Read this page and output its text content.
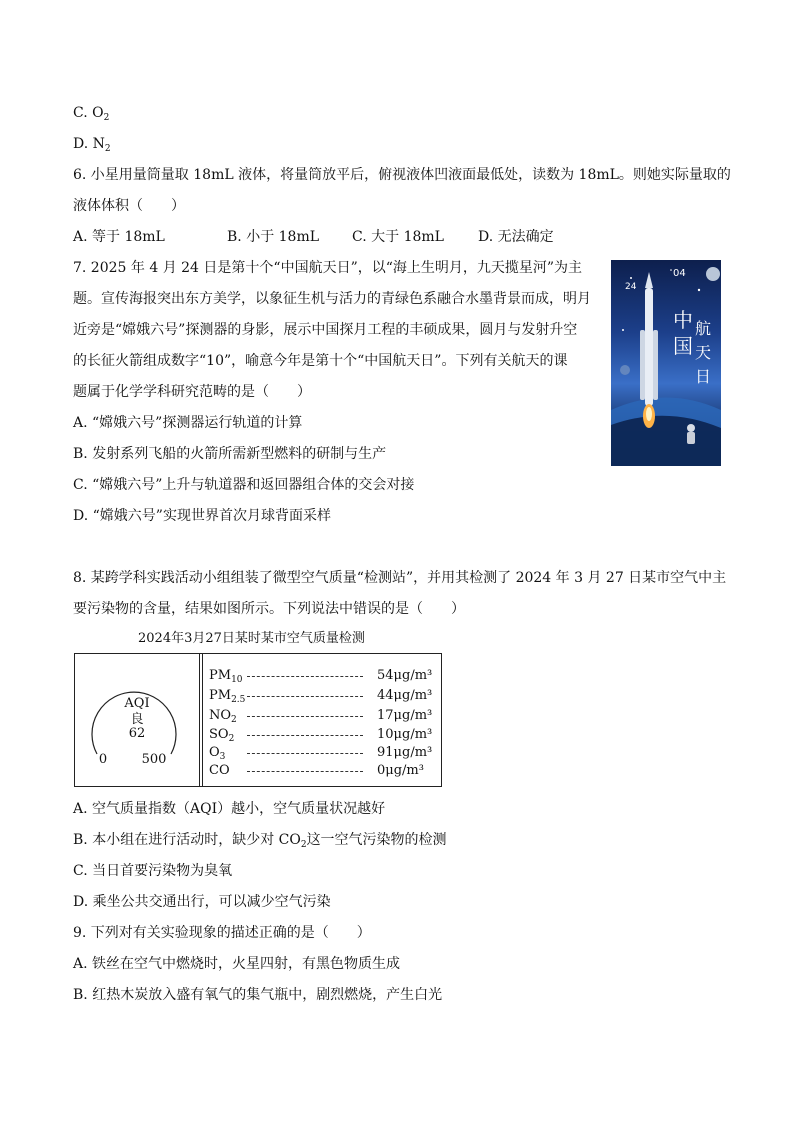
C. $O_2$
D. $N_2$
6. 小星用量筒量取 18mL 液体，将量筒放平后，俯视液体凹液面最低处，读数为 18mL。则她实际量取的
液体体积（　　）
A. 等于 18mL	B. 小于 18mL C. 大于 18mL D. 无法确定
7. 2025 年 4 月 24 日是第十个“中国航天日”，以“海上生明月，九天揽星河”为主
题。宣传海报突出东方美学，以象征生机与活力的青绿色系融合水墨背景而成，明月
近旁是“嫦娥六号”探测器的身影，展示中国探月工程的丰硕成果，圆月与发射升空
的长征火箭组成数字“10”，喻意今年是第十个“中国航天日”。下列有关航天的课
题属于化学学科研究范畴的是（　　）
A. “嫦娥六号”探测器运行轨道的计算
B. 发射系列飞船的火箭所需新型燃料的研制与生产
C. “嫦娥六号”上升与轨道器和返回器组合体的交会对接
D. “嫦娥六号”实现世界首次月球背面采样
04
24
中
国
航
天
日
8. 某跨学科实践活动小组组装了微型空气质量“检测站”，并用其检测了 2024 年 3 月 27 日某市空气中主
要污染物的含量，结果如图所示。下列说法中错误的是（　　）
2024年3月27日某时某市空气质量检测
AQI
良
62
0	500
$PM_{10}$	54μg/m³
$PM_{2.5}$	44μg/m³
$NO_2$	17μg/m³
$SO_2$	10μg/m³
$O_3$	91μg/m³
CO	0μg/m³
A. 空气质量指数（AQI）越小，空气质量状况越好
B. 本小组在进行活动时，缺少对 $CO_2$这一空气污染物的检测
C. 当日首要污染物为臭氧
D. 乘坐公共交通出行，可以减少空气污染
9. 下列对有关实验现象的描述正确的是（　　）
A. 铁丝在空气中燃烧时，火星四射，有黑色物质生成
B. 红热木炭放入盛有氧气的集气瓶中，剧烈燃烧，产生白光
